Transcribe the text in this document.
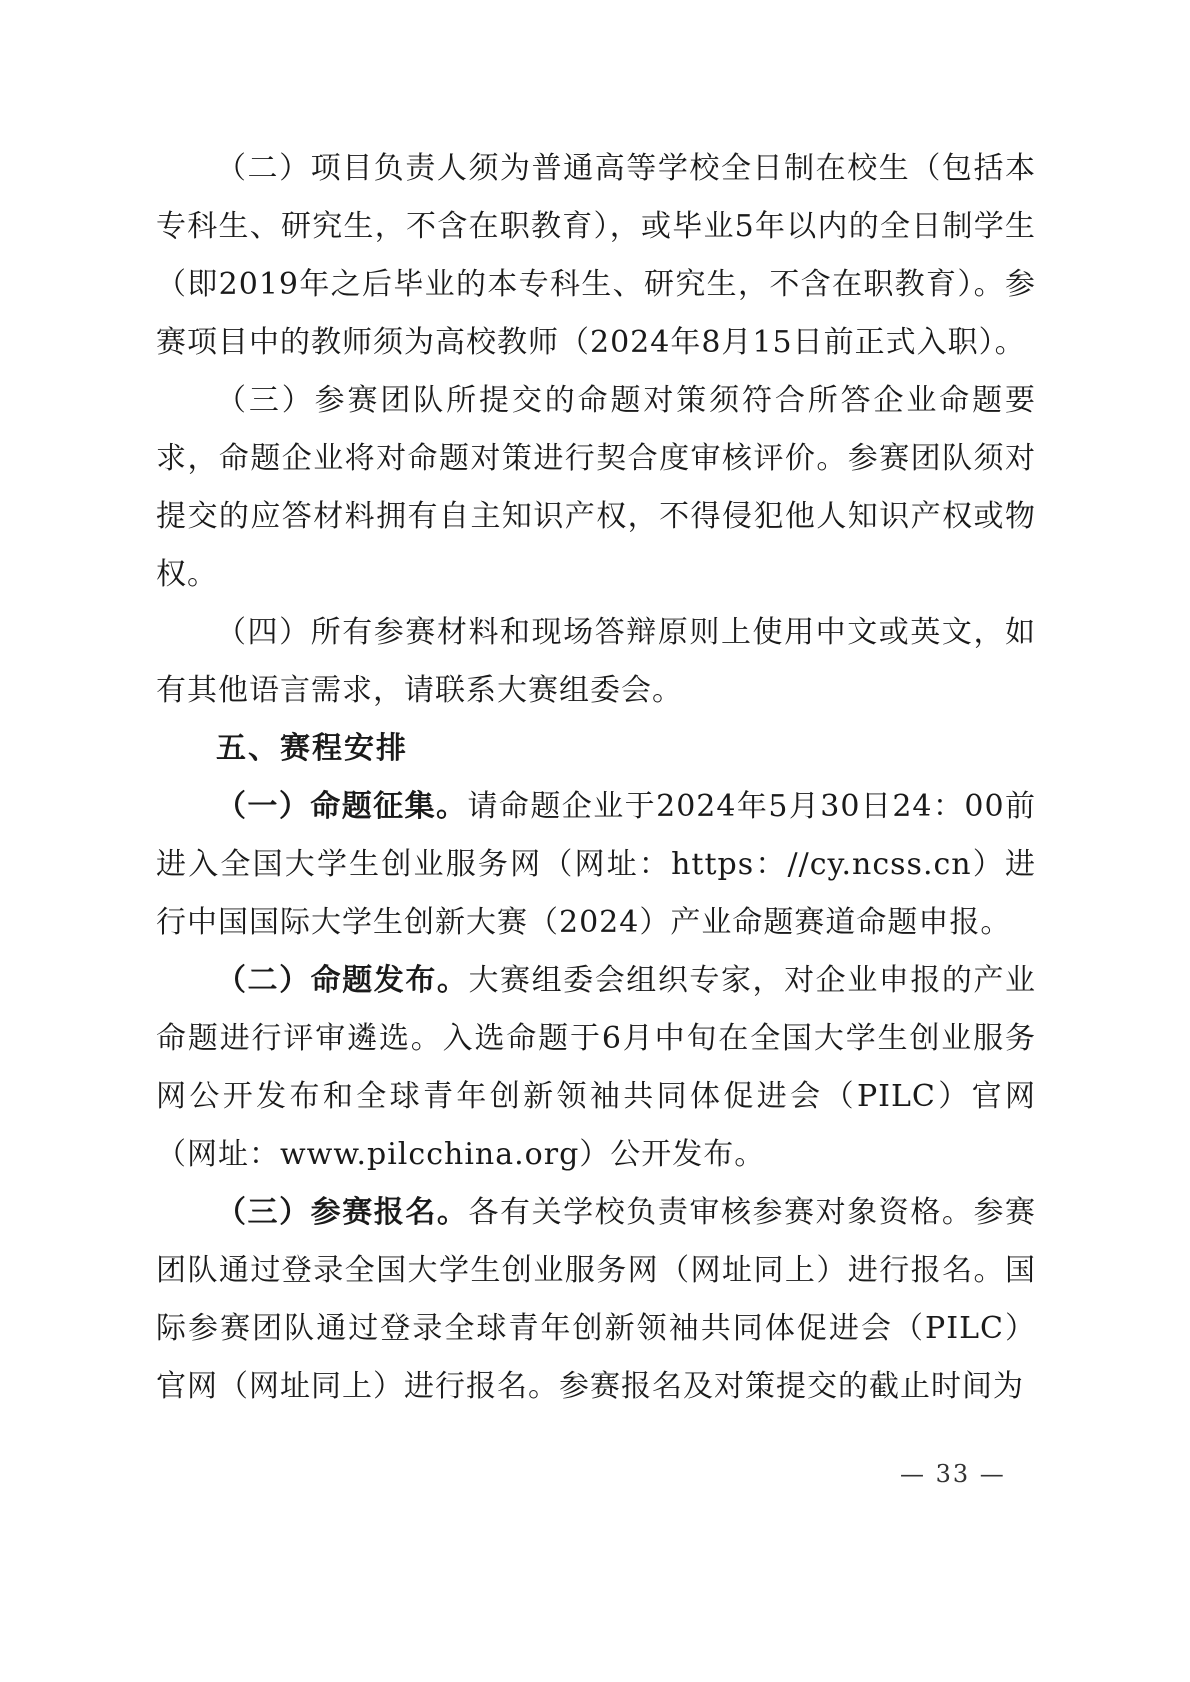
（二）项目负责人须为普通高等学校全日制在校生（包括本专科生、研究生，不含在职教育），或毕业5年以内的全日制学生（即2019年之后毕业的本专科生、研究生，不含在职教育）。参赛项目中的教师须为高校教师（2024年8月15日前正式入职）。

（三）参赛团队所提交的命题对策须符合所答企业命题要求，命题企业将对命题对策进行契合度审核评价。参赛团队须对提交的应答材料拥有自主知识产权，不得侵犯他人知识产权或物权。

（四）所有参赛材料和现场答辩原则上使用中文或英文，如有其他语言需求，请联系大赛组委会。

五、赛程安排

（一）命题征集。请命题企业于2024年5月30日24：00前进入全国大学生创业服务网（网址：https：//cy.ncss.cn）进行中国国际大学生创新大赛（2024）产业命题赛道命题申报。

（二）命题发布。大赛组委会组织专家，对企业申报的产业命题进行评审遴选。入选命题于6月中旬在全国大学生创业服务网公开发布和全球青年创新领袖共同体促进会（PILC）官网（网址：www.pilcchina.org）公开发布。

（三）参赛报名。各有关学校负责审核参赛对象资格。参赛团队通过登录全国大学生创业服务网（网址同上）进行报名。国际参赛团队通过登录全球青年创新领袖共同体促进会（PILC）官网（网址同上）进行报名。参赛报名及对策提交的截止时间为

— 33 —
